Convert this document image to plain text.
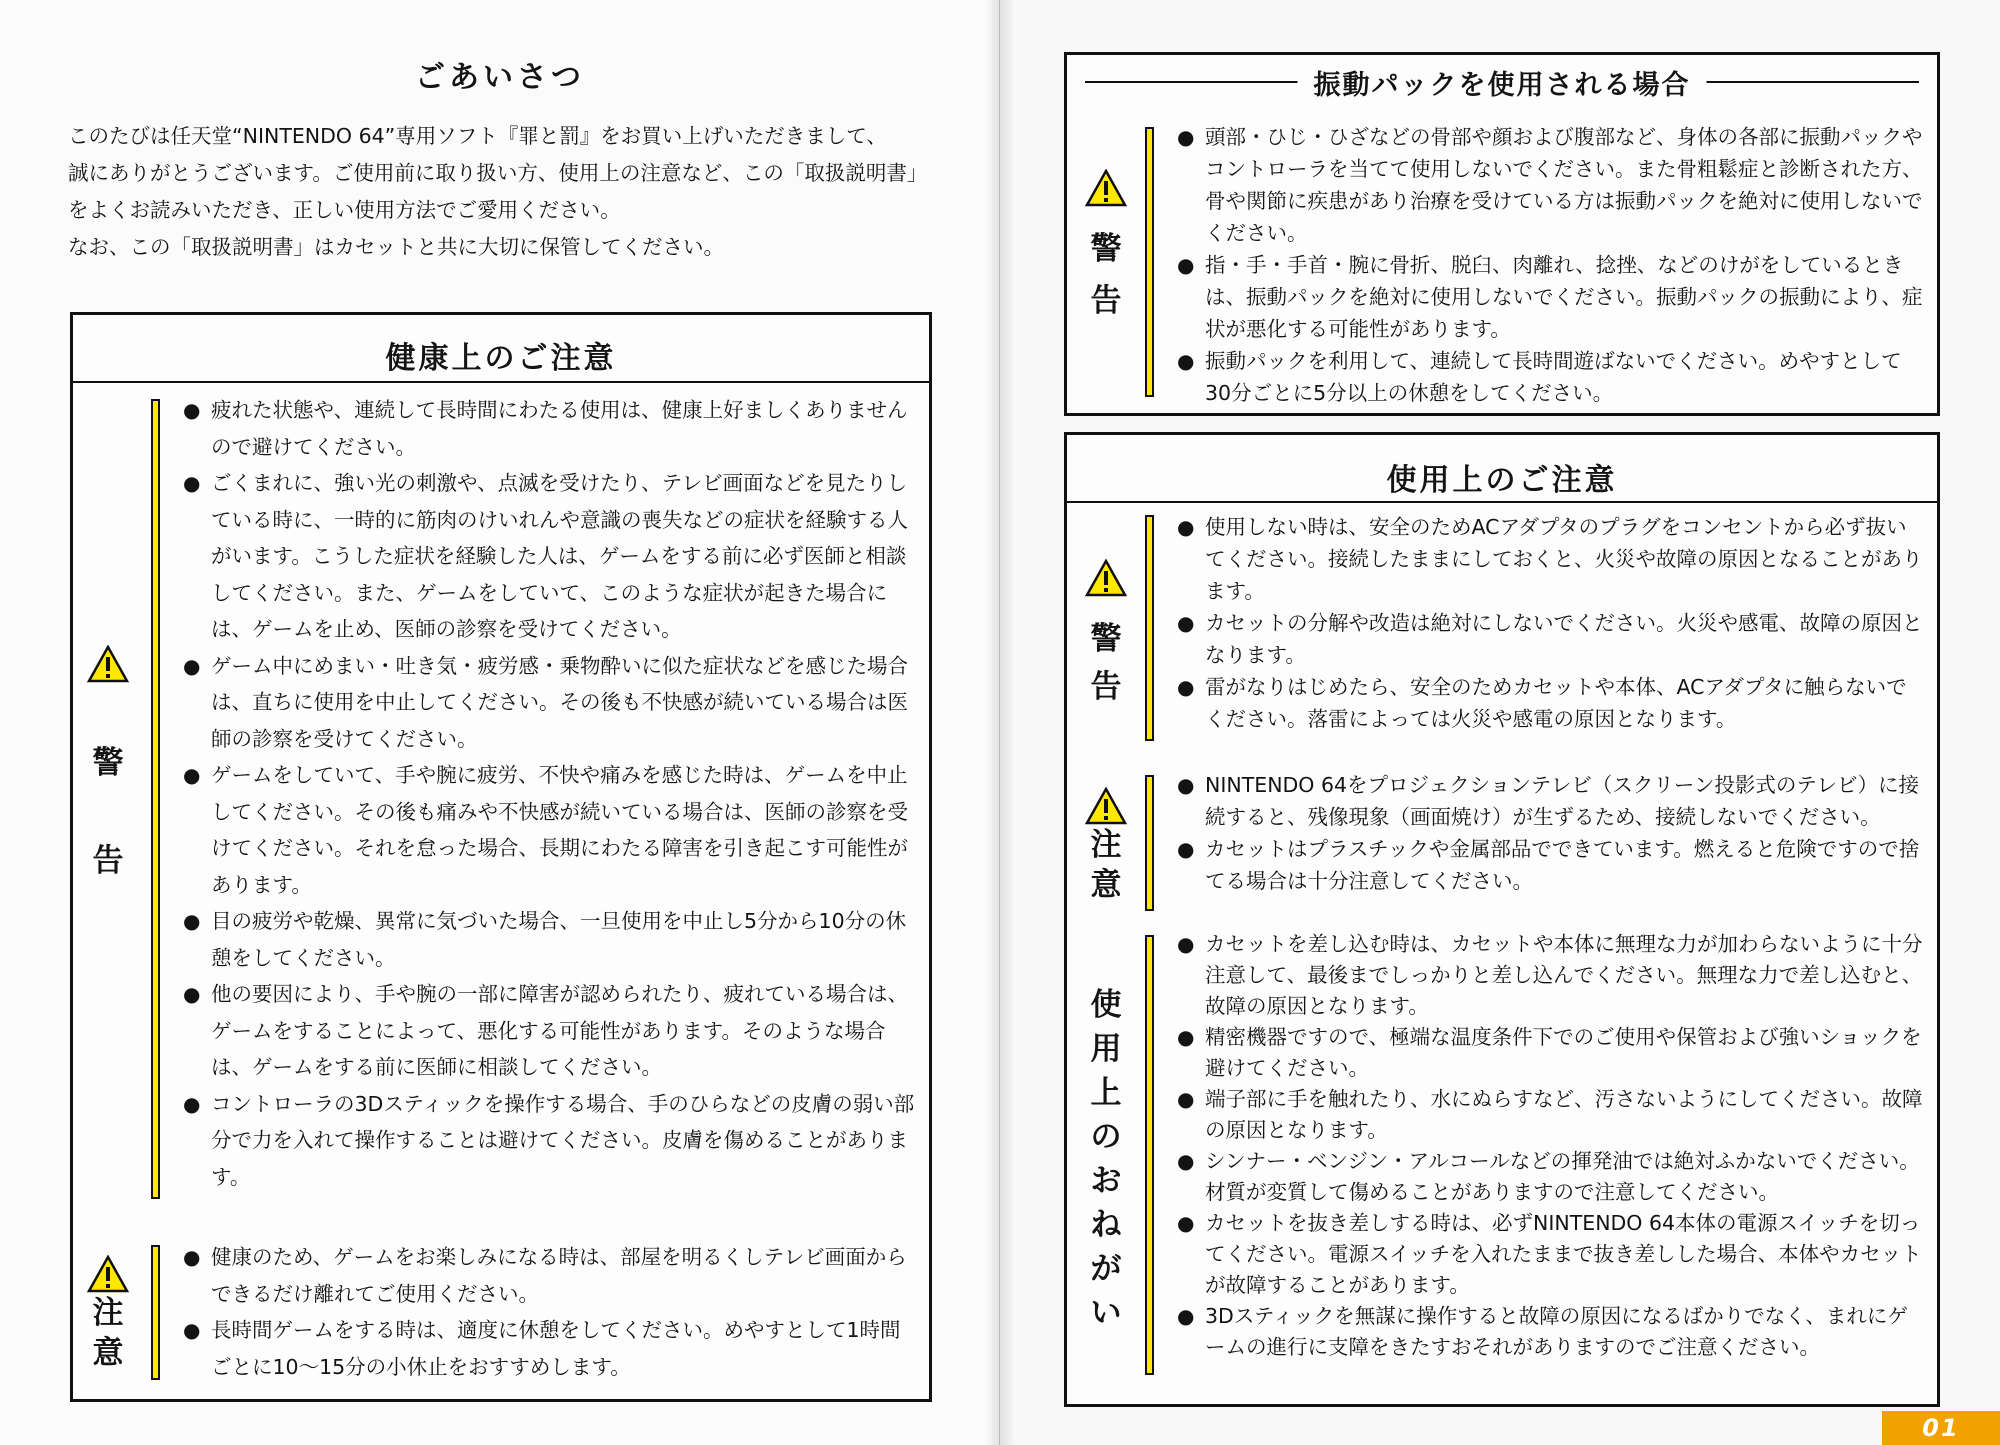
ごあいさつ

このたびは任天堂“NINTENDO 64”専用ソフト『罪と罰』をお買い上げいただきまして、

誠にありがとうございます。ご使用前に取り扱い方、使用上の注意など、この「取扱説明書」

をよくお読みいただき、正しい使用方法でご愛用ください。

なお、この「取扱説明書」はカセットと共に大切に保管してください。

健康上のご注意
警
告
● 疲れた状態や、連続して長時間にわたる使用は、健康上好ましくありませんので避けてください。
● ごくまれに、強い光の刺激や、点滅を受けたり、テレビ画面などを見たりしている時に、一時的に筋肉のけいれんや意識の喪失などの症状を経験する人がいます。こうした症状を経験した人は、ゲームをする前に必ず医師と相談してください。また、ゲームをしていて、このような症状が起きた場合には、ゲームを止め、医師の診察を受けてください。
● ゲーム中にめまい・吐き気・疲労感・乗物酔いに似た症状などを感じた場合は、直ちに使用を中止してください。その後も不快感が続いている場合は医師の診察を受けてください。
● ゲームをしていて、手や腕に疲労、不快や痛みを感じた時は、ゲームを中止してください。その後も痛みや不快感が続いている場合は、医師の診察を受けてください。それを怠った場合、長期にわたる障害を引き起こす可能性があります。
● 目の疲労や乾燥、異常に気づいた場合、一旦使用を中止し5分から10分の休憩をしてください。
● 他の要因により、手や腕の一部に障害が認められたり、疲れている場合は、ゲームをすることによって、悪化する可能性があります。そのような場合は、ゲームをする前に医師に相談してください。
● コントローラの3Dスティックを操作する場合、手のひらなどの皮膚の弱い部分で力を入れて操作することは避けてください。皮膚を傷めることがあります。
注
意
● 健康のため、ゲームをお楽しみになる時は、部屋を明るくしテレビ画面からできるだけ離れてご使用ください。
● 長時間ゲームをする時は、適度に休憩をしてください。めやすとして1時間ごとに10〜15分の小休止をおすすめします。
振動パックを使用される場合
警
告
● 頭部・ひじ・ひざなどの骨部や顔および腹部など、身体の各部に振動パックやコントローラを当てて使用しないでください。また骨粗鬆症と診断された方、骨や関節に疾患があり治療を受けている方は振動パックを絶対に使用しないでください。
● 指・手・手首・腕に骨折、脱臼、肉離れ、捻挫、などのけがをしているときは、振動パックを絶対に使用しないでください。振動パックの振動により、症状が悪化する可能性があります。
● 振動パックを利用して、連続して長時間遊ばないでください。めやすとして30分ごとに5分以上の休憩をしてください。
使用上のご注意
警
告
● 使用しない時は、安全のためACアダプタのプラグをコンセントから必ず抜いてください。接続したままにしておくと、火災や故障の原因となることがあります。
● カセットの分解や改造は絶対にしないでください。火災や感電、故障の原因となります。
● 雷がなりはじめたら、安全のためカセットや本体、ACアダプタに触らないでください。落雷によっては火災や感電の原因となります。
注
意
● NINTENDO 64をプロジェクションテレビ（スクリーン投影式のテレビ）に接続すると、残像現象（画面焼け）が生ずるため、接続しないでください。
● カセットはプラスチックや金属部品でできています。燃えると危険ですので捨てる場合は十分注意してください。
使
用
上
の
お
ね
が
い
● カセットを差し込む時は、カセットや本体に無理な力が加わらないように十分注意して、最後までしっかりと差し込んでください。無理な力で差し込むと、故障の原因となります。
● 精密機器ですので、極端な温度条件下でのご使用や保管および強いショックを避けてください。
● 端子部に手を触れたり、水にぬらすなど、汚さないようにしてください。故障の原因となります。
● シンナー・ベンジン・アルコールなどの揮発油では絶対ふかないでください。材質が変質して傷めることがありますので注意してください。
● カセットを抜き差しする時は、必ずNINTENDO 64本体の電源スイッチを切ってください。電源スイッチを入れたままで抜き差しした場合、本体やカセットが故障することがあります。
● 3Dスティックを無謀に操作すると故障の原因になるばかりでなく、まれにゲームの進行に支障をきたすおそれがありますのでご注意ください。
01
